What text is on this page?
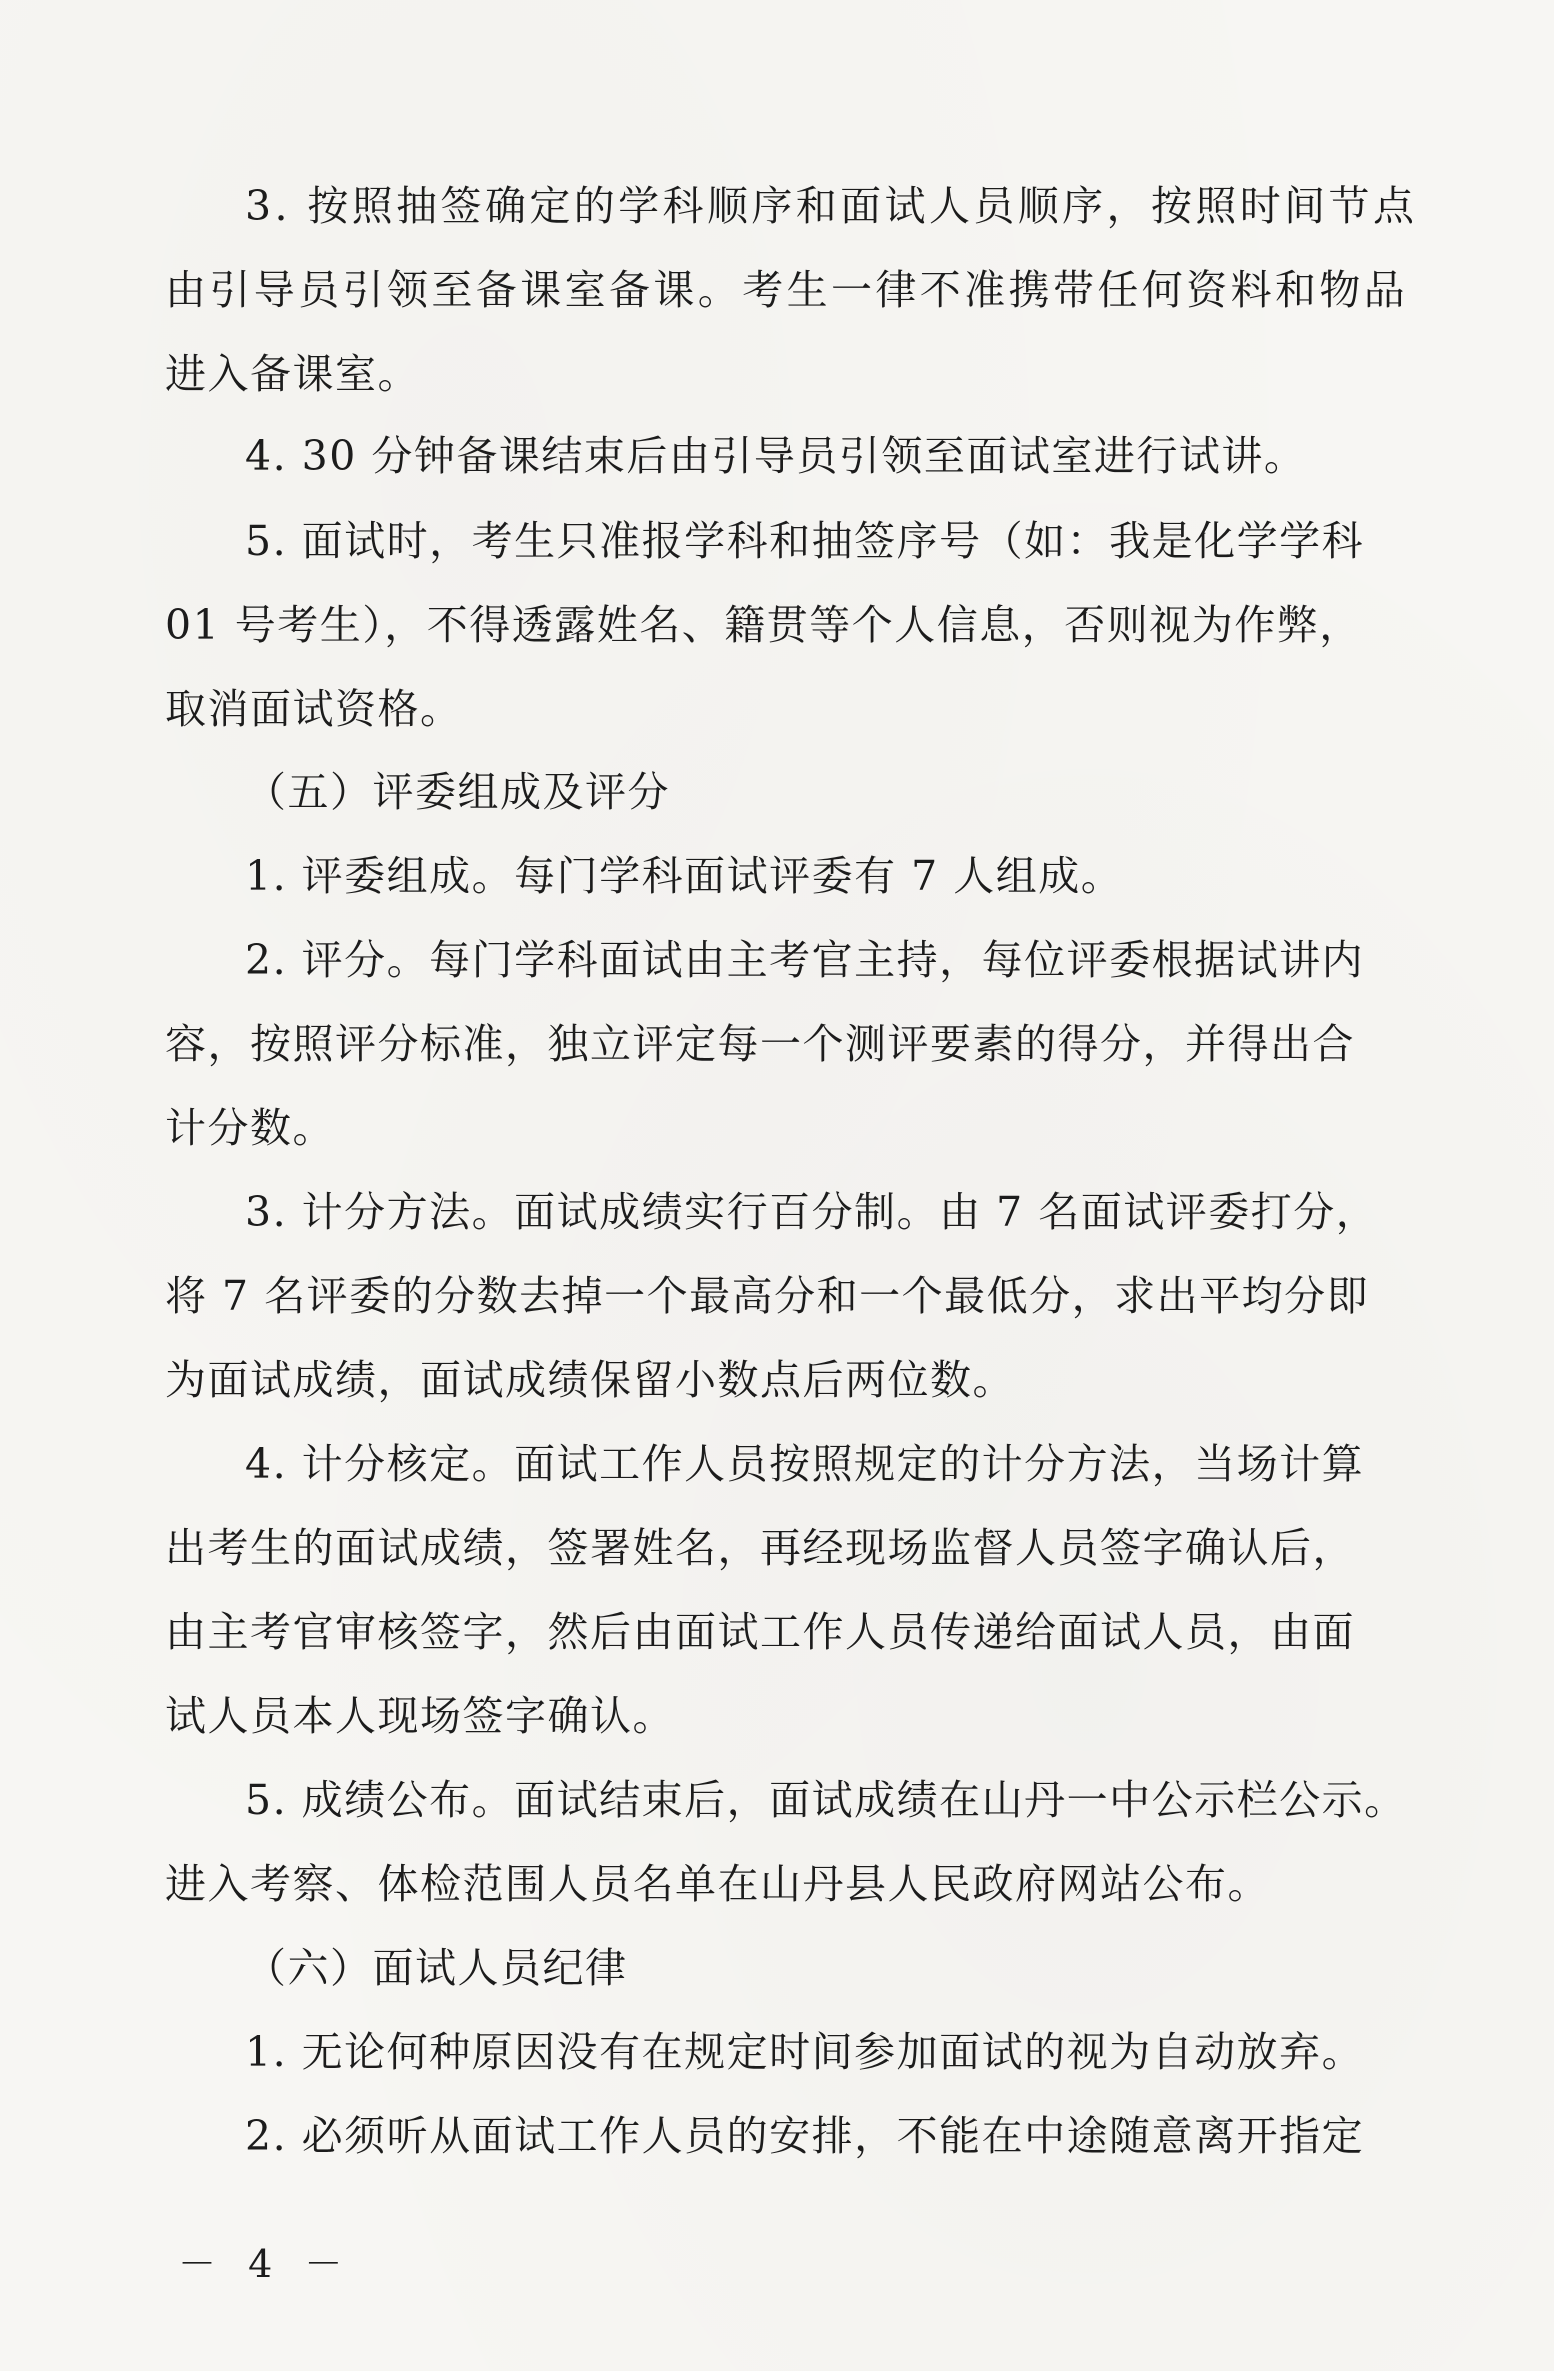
3. 按照抽签确定的学科顺序和面试人员顺序，按照时间节点
由引导员引领至备课室备课。考生一律不准携带任何资料和物品
进入备课室。
4. 30 分钟备课结束后由引导员引领至面试室进行试讲。
5. 面试时，考生只准报学科和抽签序号（如：我是化学学科
01 号考生），不得透露姓名、籍贯等个人信息，否则视为作弊，
取消面试资格。
（五）评委组成及评分
1. 评委组成。每门学科面试评委有 7 人组成。
2. 评分。每门学科面试由主考官主持，每位评委根据试讲内
容，按照评分标准，独立评定每一个测评要素的得分，并得出合
计分数。
3. 计分方法。面试成绩实行百分制。由 7 名面试评委打分，
将 7 名评委的分数去掉一个最高分和一个最低分，求出平均分即
为面试成绩，面试成绩保留小数点后两位数。
4. 计分核定。面试工作人员按照规定的计分方法，当场计算
出考生的面试成绩，签署姓名，再经现场监督人员签字确认后，
由主考官审核签字，然后由面试工作人员传递给面试人员，由面
试人员本人现场签字确认。
5. 成绩公布。面试结束后，面试成绩在山丹一中公示栏公示。
进入考察、体检范围人员名单在山丹县人民政府网站公布。
（六）面试人员纪律
1. 无论何种原因没有在规定时间参加面试的视为自动放弃。
2. 必须听从面试工作人员的安排，不能在中途随意离开指定
－ 4 －
